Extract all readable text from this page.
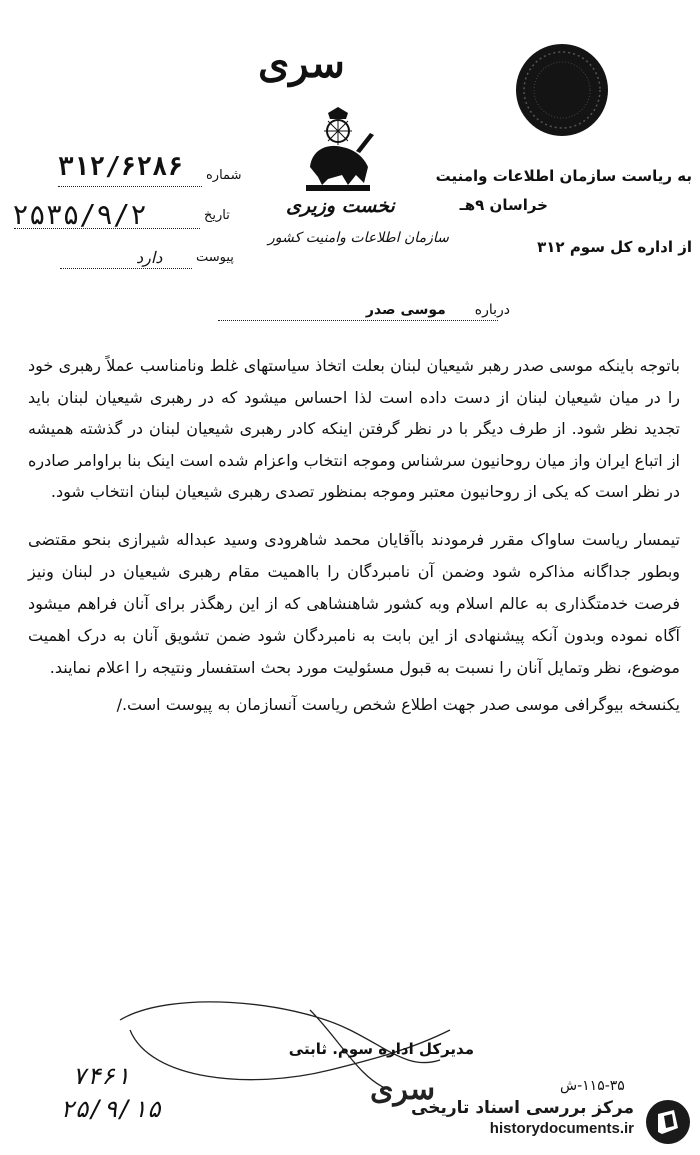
سری
نخست وزیری
سازمان اطلاعات وامنیت کشور
به ریاست سازمان اطلاعات وامنیت
خراسان ۹هـ
از اداره کل سوم ۳۱۲
شماره
۳۱۲/۶۲۸۶
تاریخ
۲۵۳۵/۹/۲
پیوست
دارد
درباره  موسی صدر

باتوجه باینکه موسی صدر رهبر شیعیان لبنان بعلت اتخاذ سیاستهای غلط ونامناسب عملاً رهبری خود را در میان شیعیان لبنان از دست داده است لذا احساس میشود که در رهبری شیعیان لبنان باید تجدید نظر شود. از طرف دیگر با در نظر گرفتن اینکه کادر رهبری شیعیان لبنان در گذشته همیشه از اتباع ایران واز میان روحانیون سرشناس وموجه انتخاب واعزام شده است اینک بنا براوامر صادره در نظر است که یکی از روحانیون معتبر وموجه بمنظور تصدی رهبری شیعیان لبنان انتخاب شود.

تیمسار ریاست ساواک مقرر فرمودند باآقایان محمد شاهرودی وسید عبداله شیرازی بنحو مقتضی وبطور جداگانه مذاکره شود وضمن آن نامبردگان را بااهمیت مقام رهبری شیعیان در لبنان ونیز فرصت خدمتگذاری به عالم اسلام وبه کشور شاهنشاهی که از این رهگذر برای آنان فراهم میشود آگاه نموده وبدون آنکه پیشنهادی از این بابت به نامبردگان شود ضمن تشویق آنان به درک اهمیت موضوع، نظر وتمایل آنان را نسبت به قبول مسئولیت مورد بحث استفسار ونتیجه را اعلام نمایند.

یکنسخه بیوگرافی موسی صدر جهت اطلاع شخص ریاست آنسازمان به پیوست است./

مدیرکل اداره سوم. ثابتی
سری	۱۱۵-۳۵-ش
۷۴۶۱
۲۵/۹/۱۵	مرکز بررسی اسناد تاریخی
historydocuments.ir
